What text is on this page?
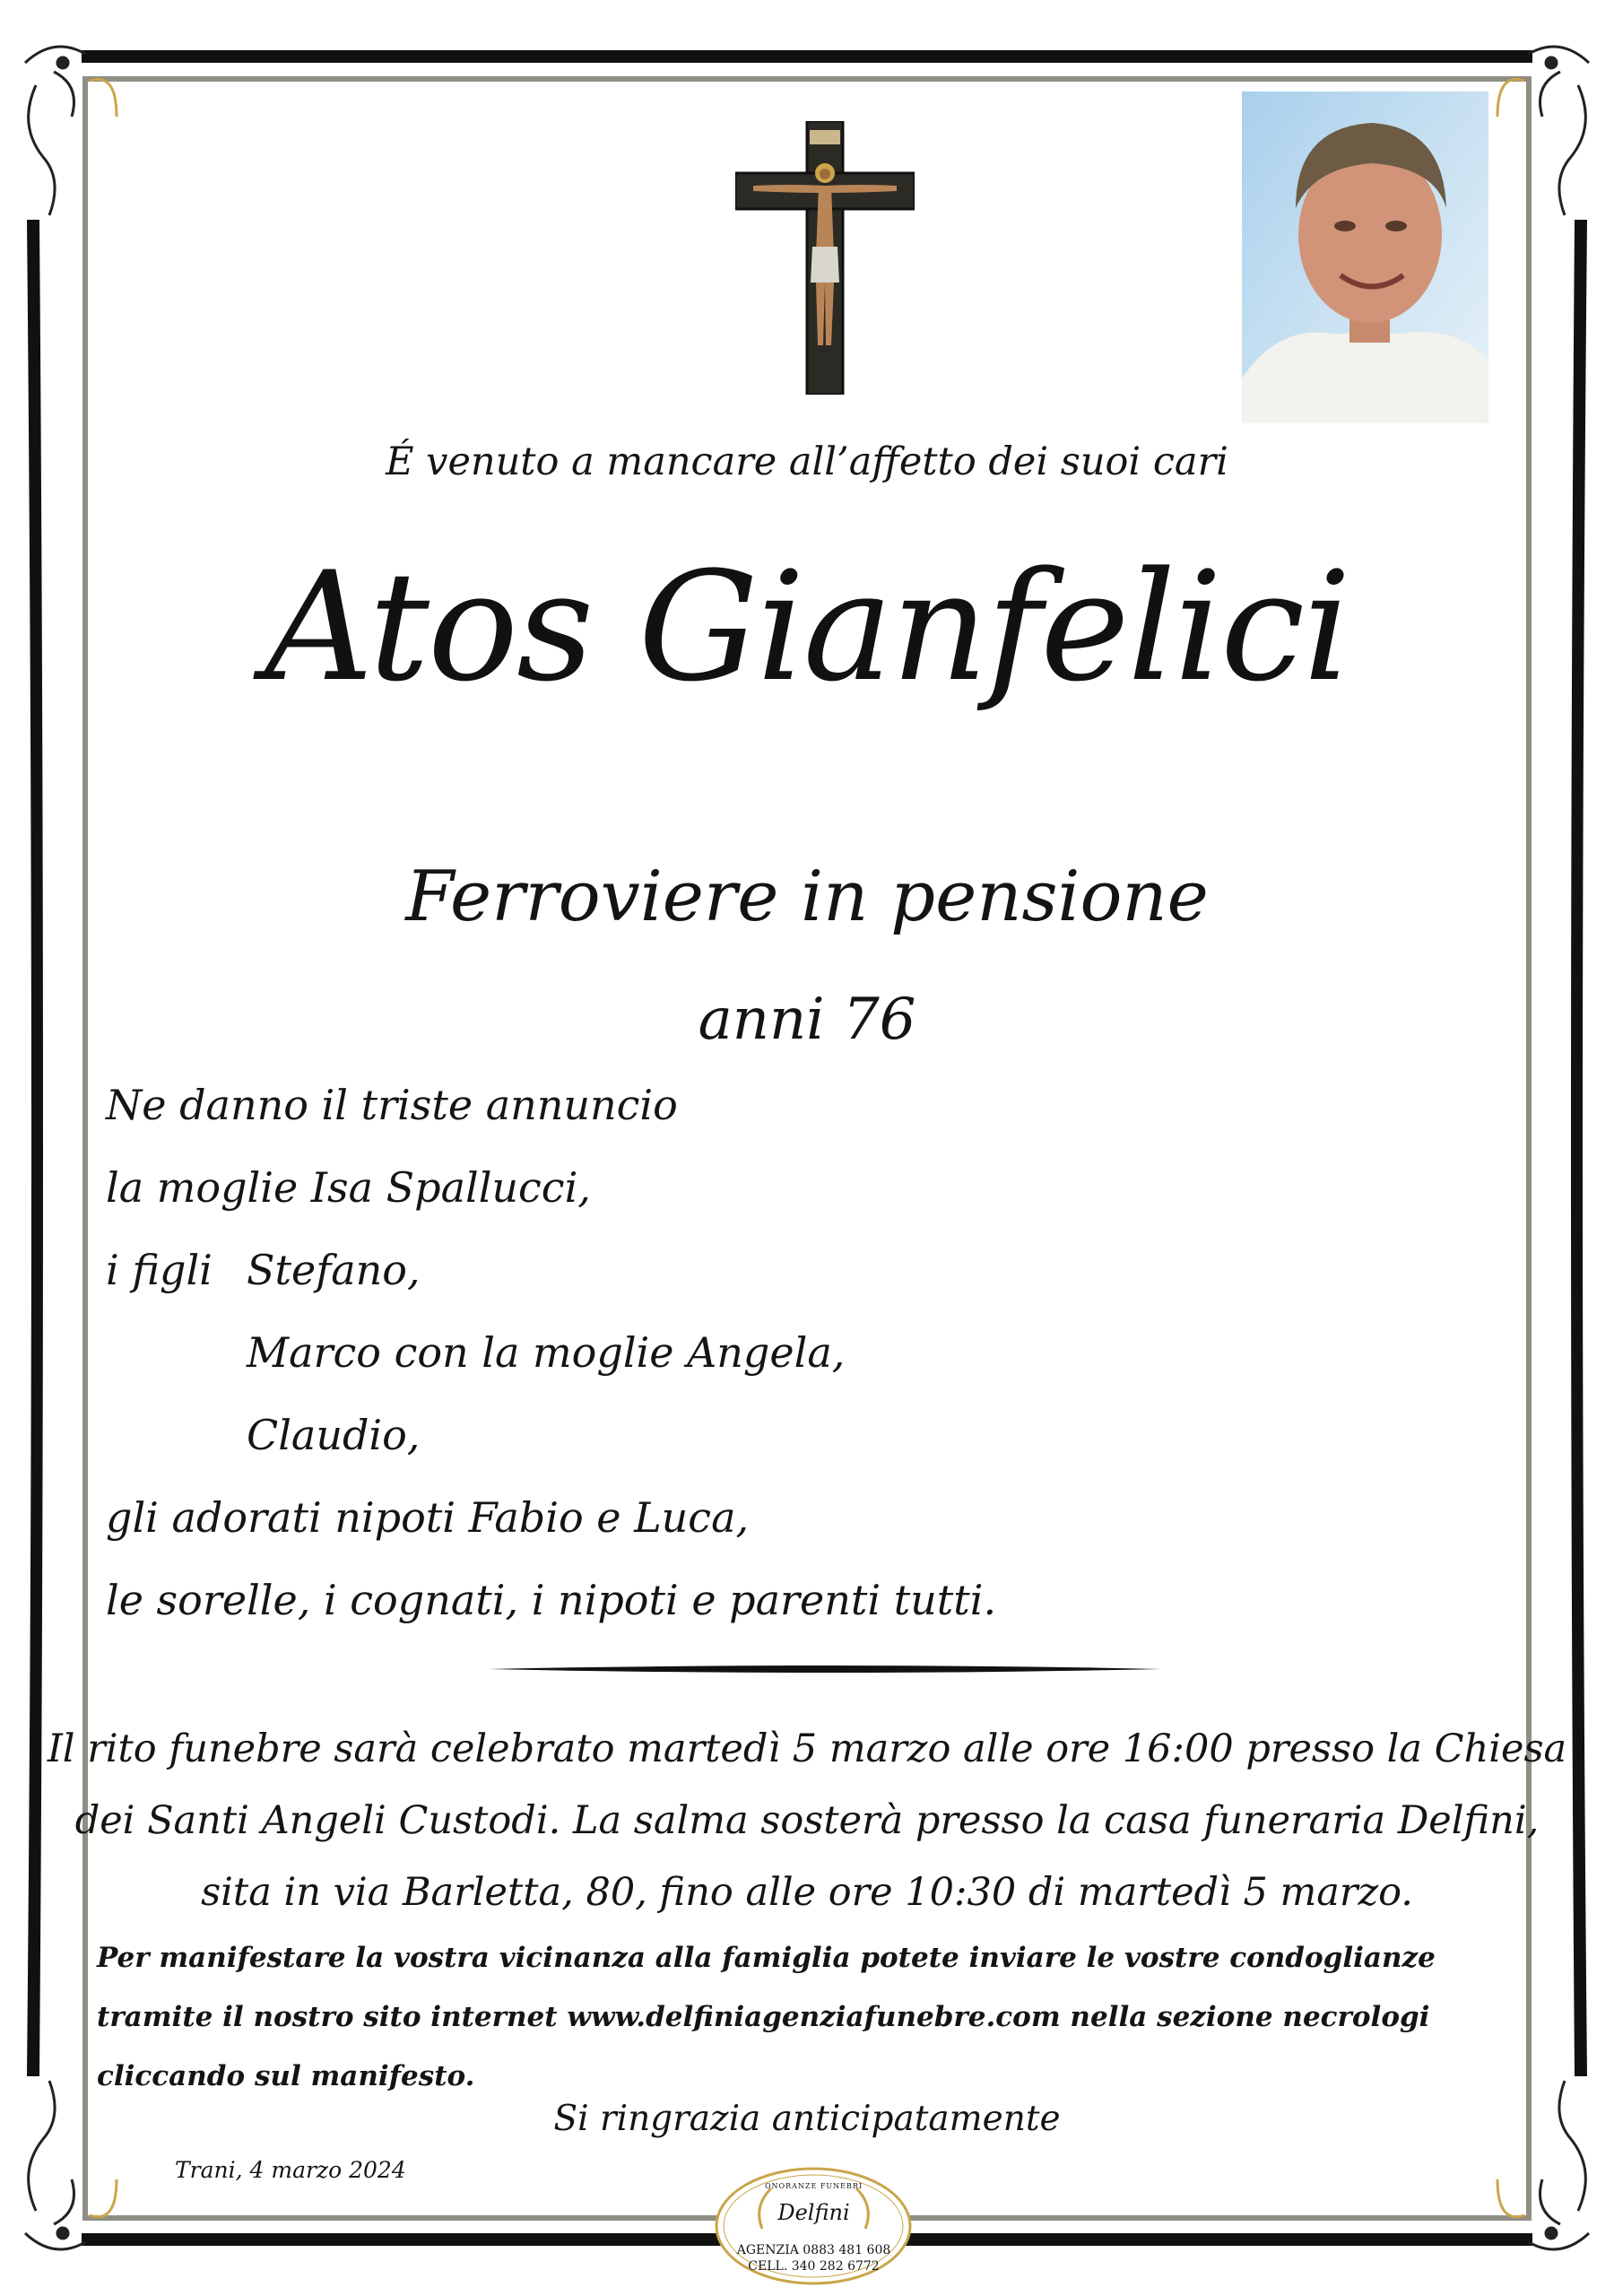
É venuto a mancare all’affetto dei suoi cari
Atos Gianfelici
Ferroviere in pensione
anni 76
Ne danno il triste annuncio
la moglie Isa Spallucci,
i figli Stefano,
Marco con la moglie Angela,
Claudio,
gli adorati nipoti Fabio e Luca,
le sorelle, i cognati, i nipoti e parenti tutti.
Il rito funebre sarà celebrato martedì 5 marzo alle ore 16:00 presso la Chiesa
dei Santi Angeli Custodi. La salma sosterà presso la casa funeraria Delfini,
sita in via Barletta, 80, fino alle ore 10:30 di martedì 5 marzo.
Per manifestare la vostra vicinanza alla famiglia potete inviare le vostre condoglianze
tramite il nostro sito internet www.delfiniagenziafunebre.com nella sezione necrologi
cliccando sul manifesto.
Si ringrazia anticipatamente
Trani, 4 marzo 2024
ONORANZE FUNEBRI
Delfini
AGENZIA 0883 481 608
CELL. 340 282 6772
